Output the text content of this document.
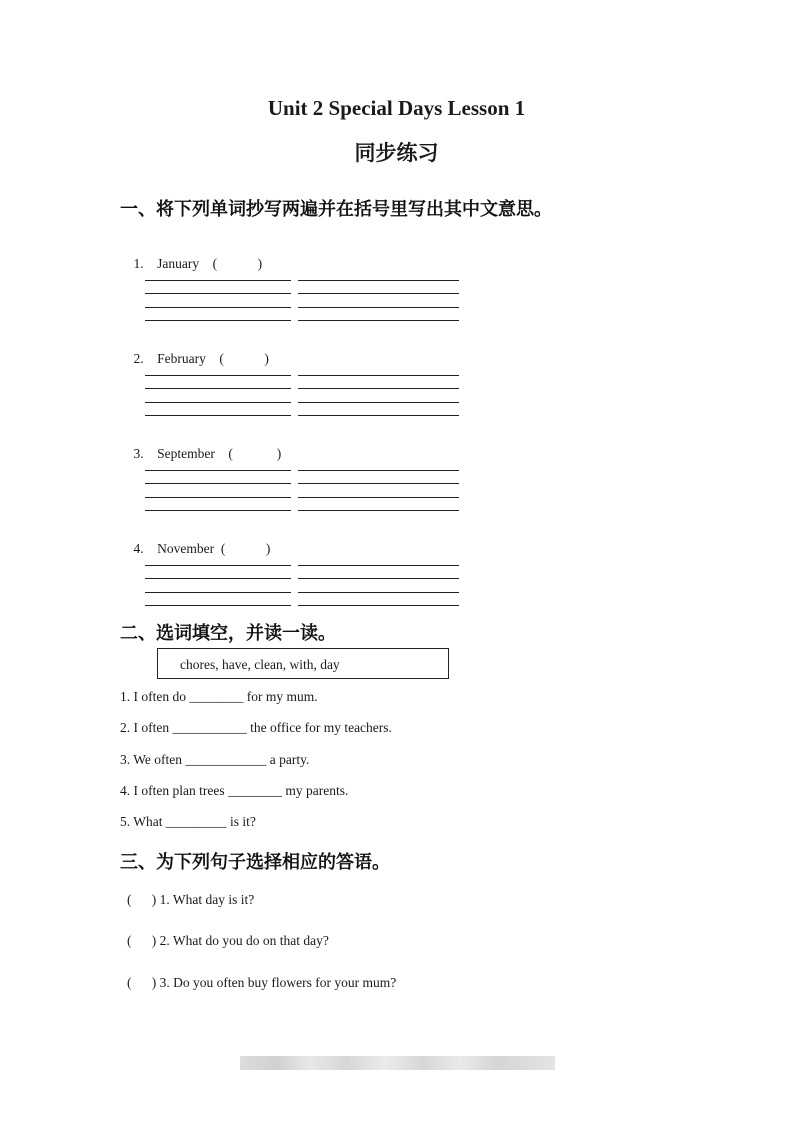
Unit 2 Special Days Lesson 1
同步练习
一、将下列单词抄写两遍并在括号里写出其中文意思。

1. January (            )

2. February (            )

3. September (             )

4. November (            )

二、选词填空，并读一读。
chores, have, clean, with, day
1. I often do ________ for my mum.
2. I often ___________ the office for my teachers.
3. We often ____________ a party.
4. I often plan trees ________ my parents.
5. What _________ is it?
三、为下列句子选择相应的答语。
(      ) 1. What day is it?
(      ) 2. What do you do on that day?
(      ) 3. Do you often buy flowers for your mum?
